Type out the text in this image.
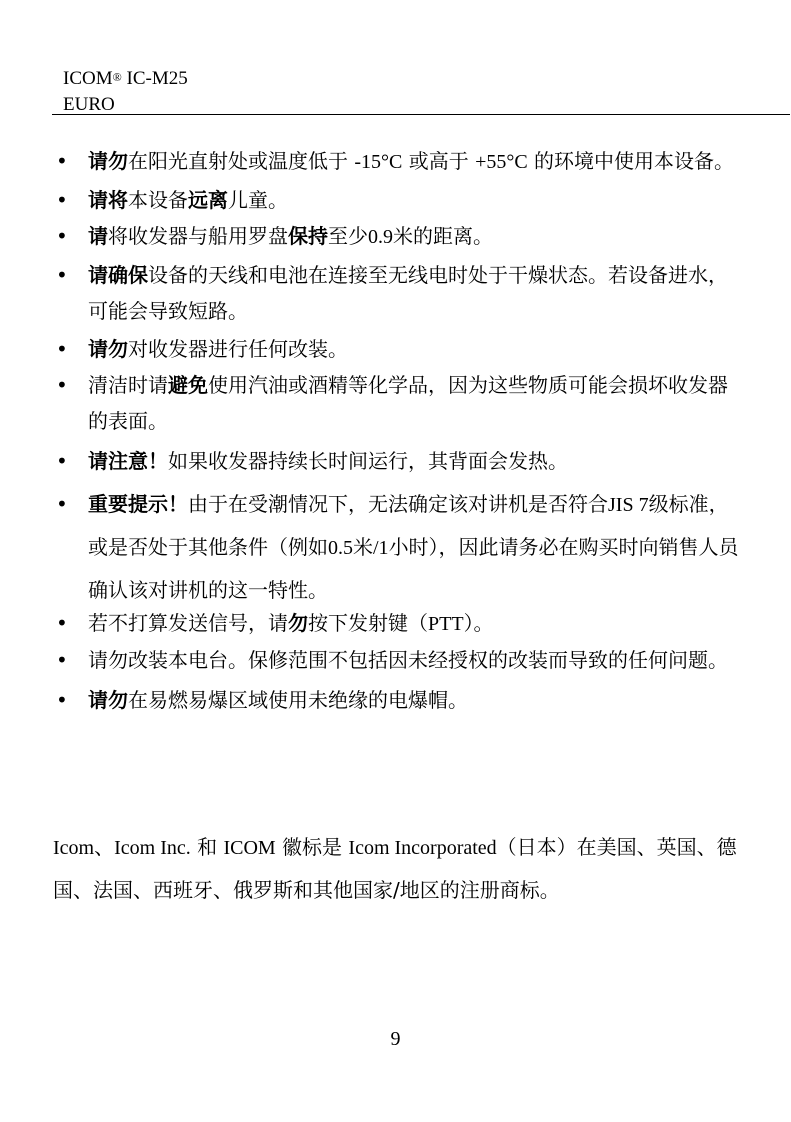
ICOM® IC-M25
EURO
• 请勿在阳光直射处或温度低于 -15°C 或高于 +55°C 的环境中使用本设备。
• 请将本设备远离儿童。
• 请将收发器与船用罗盘保持至少0.9米的距离。
• 请确保设备的天线和电池在连接至无线电时处于干燥状态。若设备进水，可能会导致短路。
• 请勿对收发器进行任何改装。
• 清洁时请避免使用汽油或酒精等化学品，因为这些物质可能会损坏收发器的表面。
• 请注意！如果收发器持续长时间运行，其背面会发热。
• 重要提示！由于在受潮情况下，无法确定该对讲机是否符合JIS 7级标准，或是否处于其他条件（例如0.5米/1小时），因此请务必在购买时向销售人员确认该对讲机的这一特性。
• 若不打算发送信号，请勿按下发射键（PTT）。
• 请勿改装本电台。保修范围不包括因未经授权的改装而导致的任何问题。
• 请勿在易燃易爆区域使用未绝缘的电爆帽。

Icom、Icom Inc. 和 ICOM 徽标是 Icom Incorporated（日本）在美国、英国、德国、法国、西班牙、俄罗斯和其他国家/地区的注册商标。

9
